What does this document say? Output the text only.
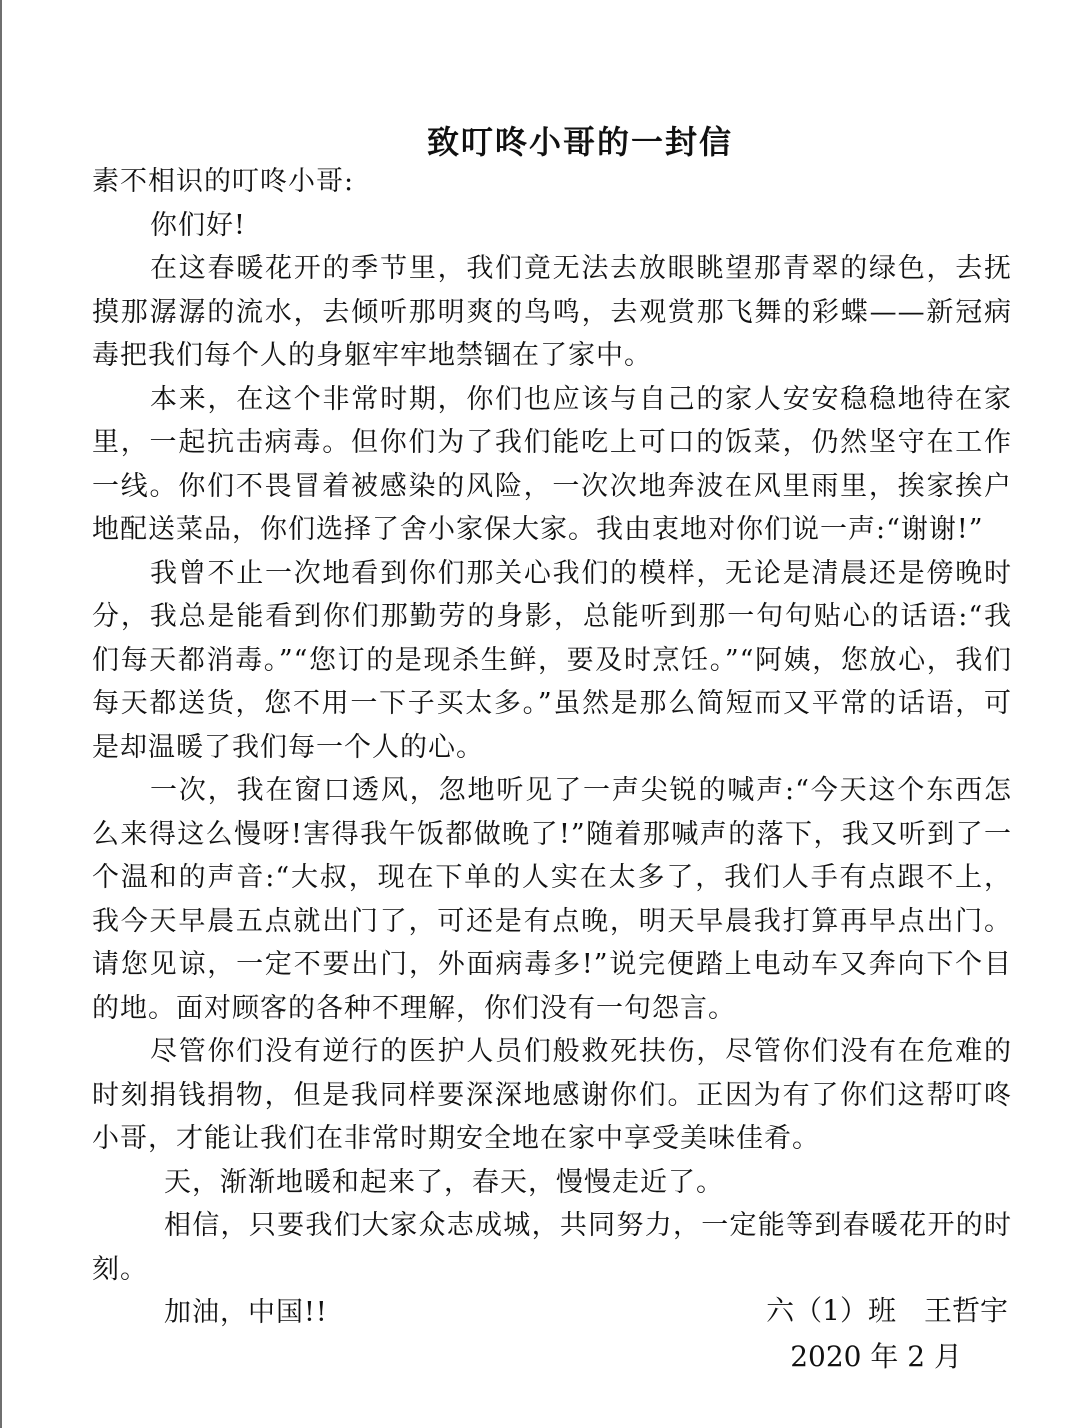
致叮咚小哥的一封信

素不相识的叮咚小哥:

你们好!

在这春暖花开的季节里，我们竟无法去放眼眺望那青翠的绿色，去抚摸那潺潺的流水，去倾听那明爽的鸟鸣，去观赏那飞舞的彩蝶——新冠病毒把我们每个人的身躯牢牢地禁锢在了家中。

本来，在这个非常时期，你们也应该与自己的家人安安稳稳地待在家里，一起抗击病毒。但你们为了我们能吃上可口的饭菜，仍然坚守在工作一线。你们不畏冒着被感染的风险，一次次地奔波在风里雨里，挨家挨户地配送菜品，你们选择了舍小家保大家。我由衷地对你们说一声:“谢谢!”

我曾不止一次地看到你们那关心我们的模样，无论是清晨还是傍晚时分，我总是能看到你们那勤劳的身影，总能听到那一句句贴心的话语:“我们每天都消毒。”“您订的是现杀生鲜，要及时烹饪。”“阿姨，您放心，我们每天都送货，您不用一下子买太多。”虽然是那么简短而又平常的话语，可是却温暖了我们每一个人的心。

一次，我在窗口透风，忽地听见了一声尖锐的喊声:“今天这个东西怎么来得这么慢呀!害得我午饭都做晚了!”随着那喊声的落下，我又听到了一个温和的声音:“大叔，现在下单的人实在太多了，我们人手有点跟不上，我今天早晨五点就出门了，可还是有点晚，明天早晨我打算再早点出门。请您见谅，一定不要出门，外面病毒多!”说完便踏上电动车又奔向下个目的地。面对顾客的各种不理解，你们没有一句怨言。

尽管你们没有逆行的医护人员们般救死扶伤，尽管你们没有在危难的时刻捐钱捐物，但是我同样要深深地感谢你们。正因为有了你们这帮叮咚小哥，才能让我们在非常时期安全地在家中享受美味佳肴。

天，渐渐地暖和起来了，春天，慢慢走近了。

相信，只要我们大家众志成城，共同努力，一定能等到春暖花开的时刻。

加油，中国!!	六（1）班　王哲宇
2020 年 2 月
